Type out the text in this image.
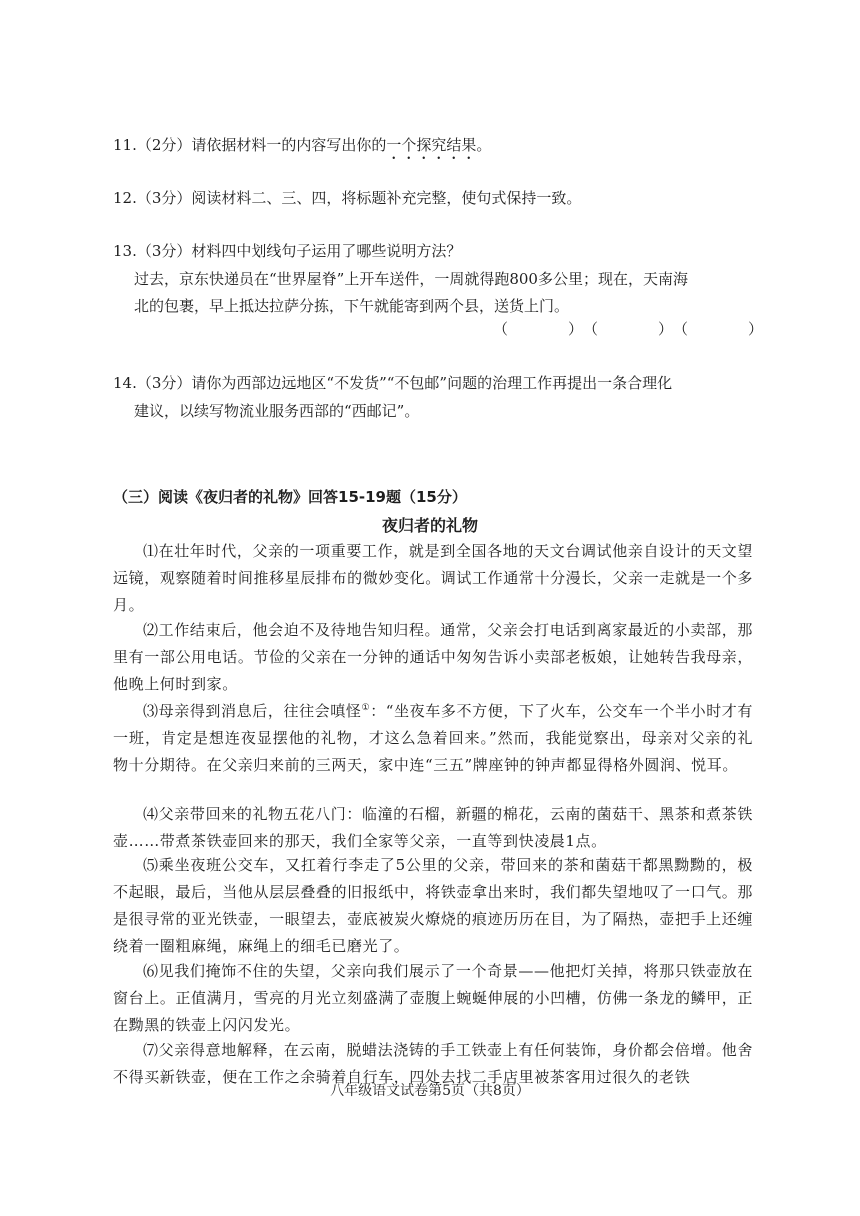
11.（2分）请依据材料一的内容写出你的一个探究结果。
12.（3分）阅读材料二、三、四，将标题补充完整，使句式保持一致。
13.（3分）材料四中划线句子运用了哪些说明方法？
过去，京东快递员在“世界屋脊”上开车送件，一周就得跑800多公里；现在，天南海
北的包裹，早上抵达拉萨分拣，下午就能寄到两个县，送货上门。
（　　　　）（　　　　）（　　　　）
14.（3分）请你为西部边远地区“不发货”“不包邮”问题的治理工作再提出一条合理化
建议，以续写物流业服务西部的“西邮记”。
（三）阅读《夜归者的礼物》回答15-19题（15分）
夜归者的礼物
⑴在壮年时代，父亲的一项重要工作，就是到全国各地的天文台调试他亲自设计的天文望远镜，观察随着时间推移星辰排布的微妙变化。调试工作通常十分漫长，父亲一走就是一个多月。
⑵工作结束后，他会迫不及待地告知归程。通常，父亲会打电话到离家最近的小卖部，那里有一部公用电话。节俭的父亲在一分钟的通话中匆匆告诉小卖部老板娘，让她转告我母亲，他晚上何时到家。
⑶母亲得到消息后，往往会嗔怪①：“坐夜车多不方便，下了火车，公交车一个半小时才有一班，肯定是想连夜显摆他的礼物，才这么急着回来。”然而，我能觉察出，母亲对父亲的礼物十分期待。在父亲归来前的三两天，家中连“三五”牌座钟的钟声都显得格外圆润、悦耳。
⑷父亲带回来的礼物五花八门：临潼的石榴，新疆的棉花，云南的菌菇干、黑茶和煮茶铁壶……带煮茶铁壶回来的那天，我们全家等父亲，一直等到快凌晨1点。
⑸乘坐夜班公交车，又扛着行李走了5公里的父亲，带回来的茶和菌菇干都黑黝黝的，极不起眼，最后，当他从层层叠叠的旧报纸中，将铁壶拿出来时，我们都失望地叹了一口气。那是很寻常的亚光铁壶，一眼望去，壶底被炭火燎烧的痕迹历历在目，为了隔热，壶把手上还缠绕着一圈粗麻绳，麻绳上的细毛已磨光了。
⑹见我们掩饰不住的失望，父亲向我们展示了一个奇景——他把灯关掉，将那只铁壶放在窗台上。正值满月，雪亮的月光立刻盛满了壶腹上蜿蜒伸展的小凹槽，仿佛一条龙的鳞甲，正在黝黑的铁壶上闪闪发光。
⑺父亲得意地解释，在云南，脱蜡法浇铸的手工铁壶上有任何装饰，身价都会倍增。他舍不得买新铁壶，便在工作之余骑着自行车，四处去找二手店里被茶客用过很久的老铁
八年级语文试卷第5页（共8页）
